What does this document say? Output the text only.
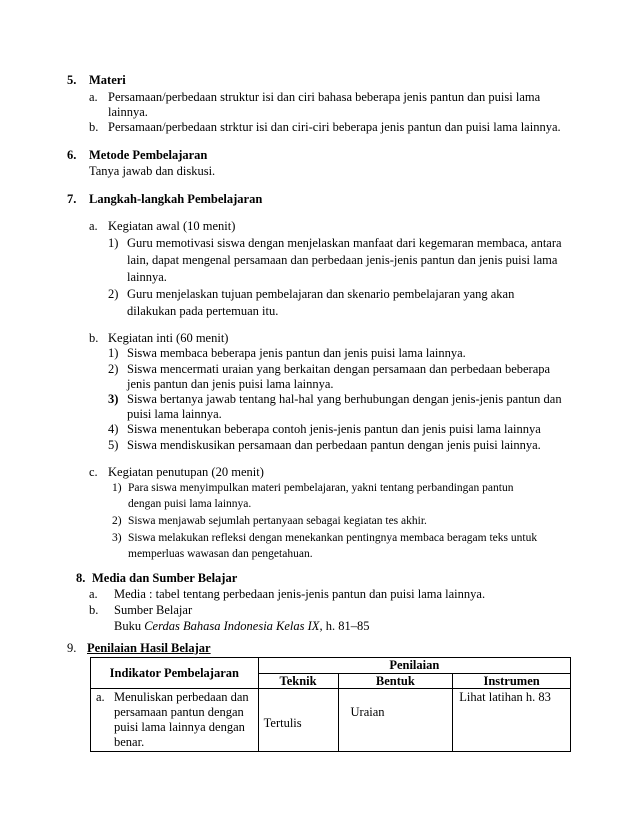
5. Materi
a. Persamaan/perbedaan struktur isi dan ciri bahasa beberapa jenis pantun dan puisi lama
lainnya.
b. Persamaan/perbedaan strktur isi dan ciri-ciri beberapa jenis pantun dan puisi lama lainnya.
6. Metode Pembelajaran
Tanya jawab dan diskusi.
7. Langkah-langkah Pembelajaran
a. Kegiatan awal (10 menit)
1) Guru memotivasi siswa dengan menjelaskan manfaat dari kegemaran membaca, antara
lain, dapat mengenal persamaan dan perbedaan jenis-jenis pantun dan jenis puisi lama
lainnya.
2) Guru menjelaskan tujuan pembelajaran dan skenario pembelajaran yang akan
dilakukan pada pertemuan itu.
b. Kegiatan inti (60 menit)
1) Siswa membaca beberapa jenis pantun dan jenis puisi lama lainnya.
2) Siswa mencermati uraian yang berkaitan dengan persamaan dan perbedaan beberapa
jenis pantun dan jenis puisi lama lainnya.
3) Siswa bertanya jawab tentang hal-hal yang berhubungan dengan jenis-jenis pantun dan
puisi lama lainnya.
4) Siswa menentukan beberapa contoh jenis-jenis pantun dan jenis puisi lama lainnya
5) Siswa mendiskusikan persamaan dan perbedaan pantun dengan jenis puisi lainnya.
c. Kegiatan penutupan (20 menit)
1) Para siswa menyimpulkan materi pembelajaran, yakni tentang perbandingan pantun
dengan puisi lama lainnya.
2) Siswa menjawab sejumlah pertanyaan sebagai kegiatan tes akhir.
3) Siswa melakukan refleksi dengan menekankan pentingnya membaca beragam teks untuk
memperluas wawasan dan pengetahuan.
8. Media dan Sumber Belajar
a. Media : tabel tentang perbedaan jenis-jenis pantun dan puisi lama lainnya.
b. Sumber Belajar
Buku Cerdas Bahasa Indonesia Kelas IX, h. 81–85
9. Penilaian Hasil Belajar
Indikator Pembelajaran	Penilaian		
	Teknik	Bentuk	Instrumen

a. Menuliskan perbedaan dan
persamaan pantun dengan
puisi lama lainnya dengan
benar.	Tertulis	Uraian	Lihat latihan h. 83
